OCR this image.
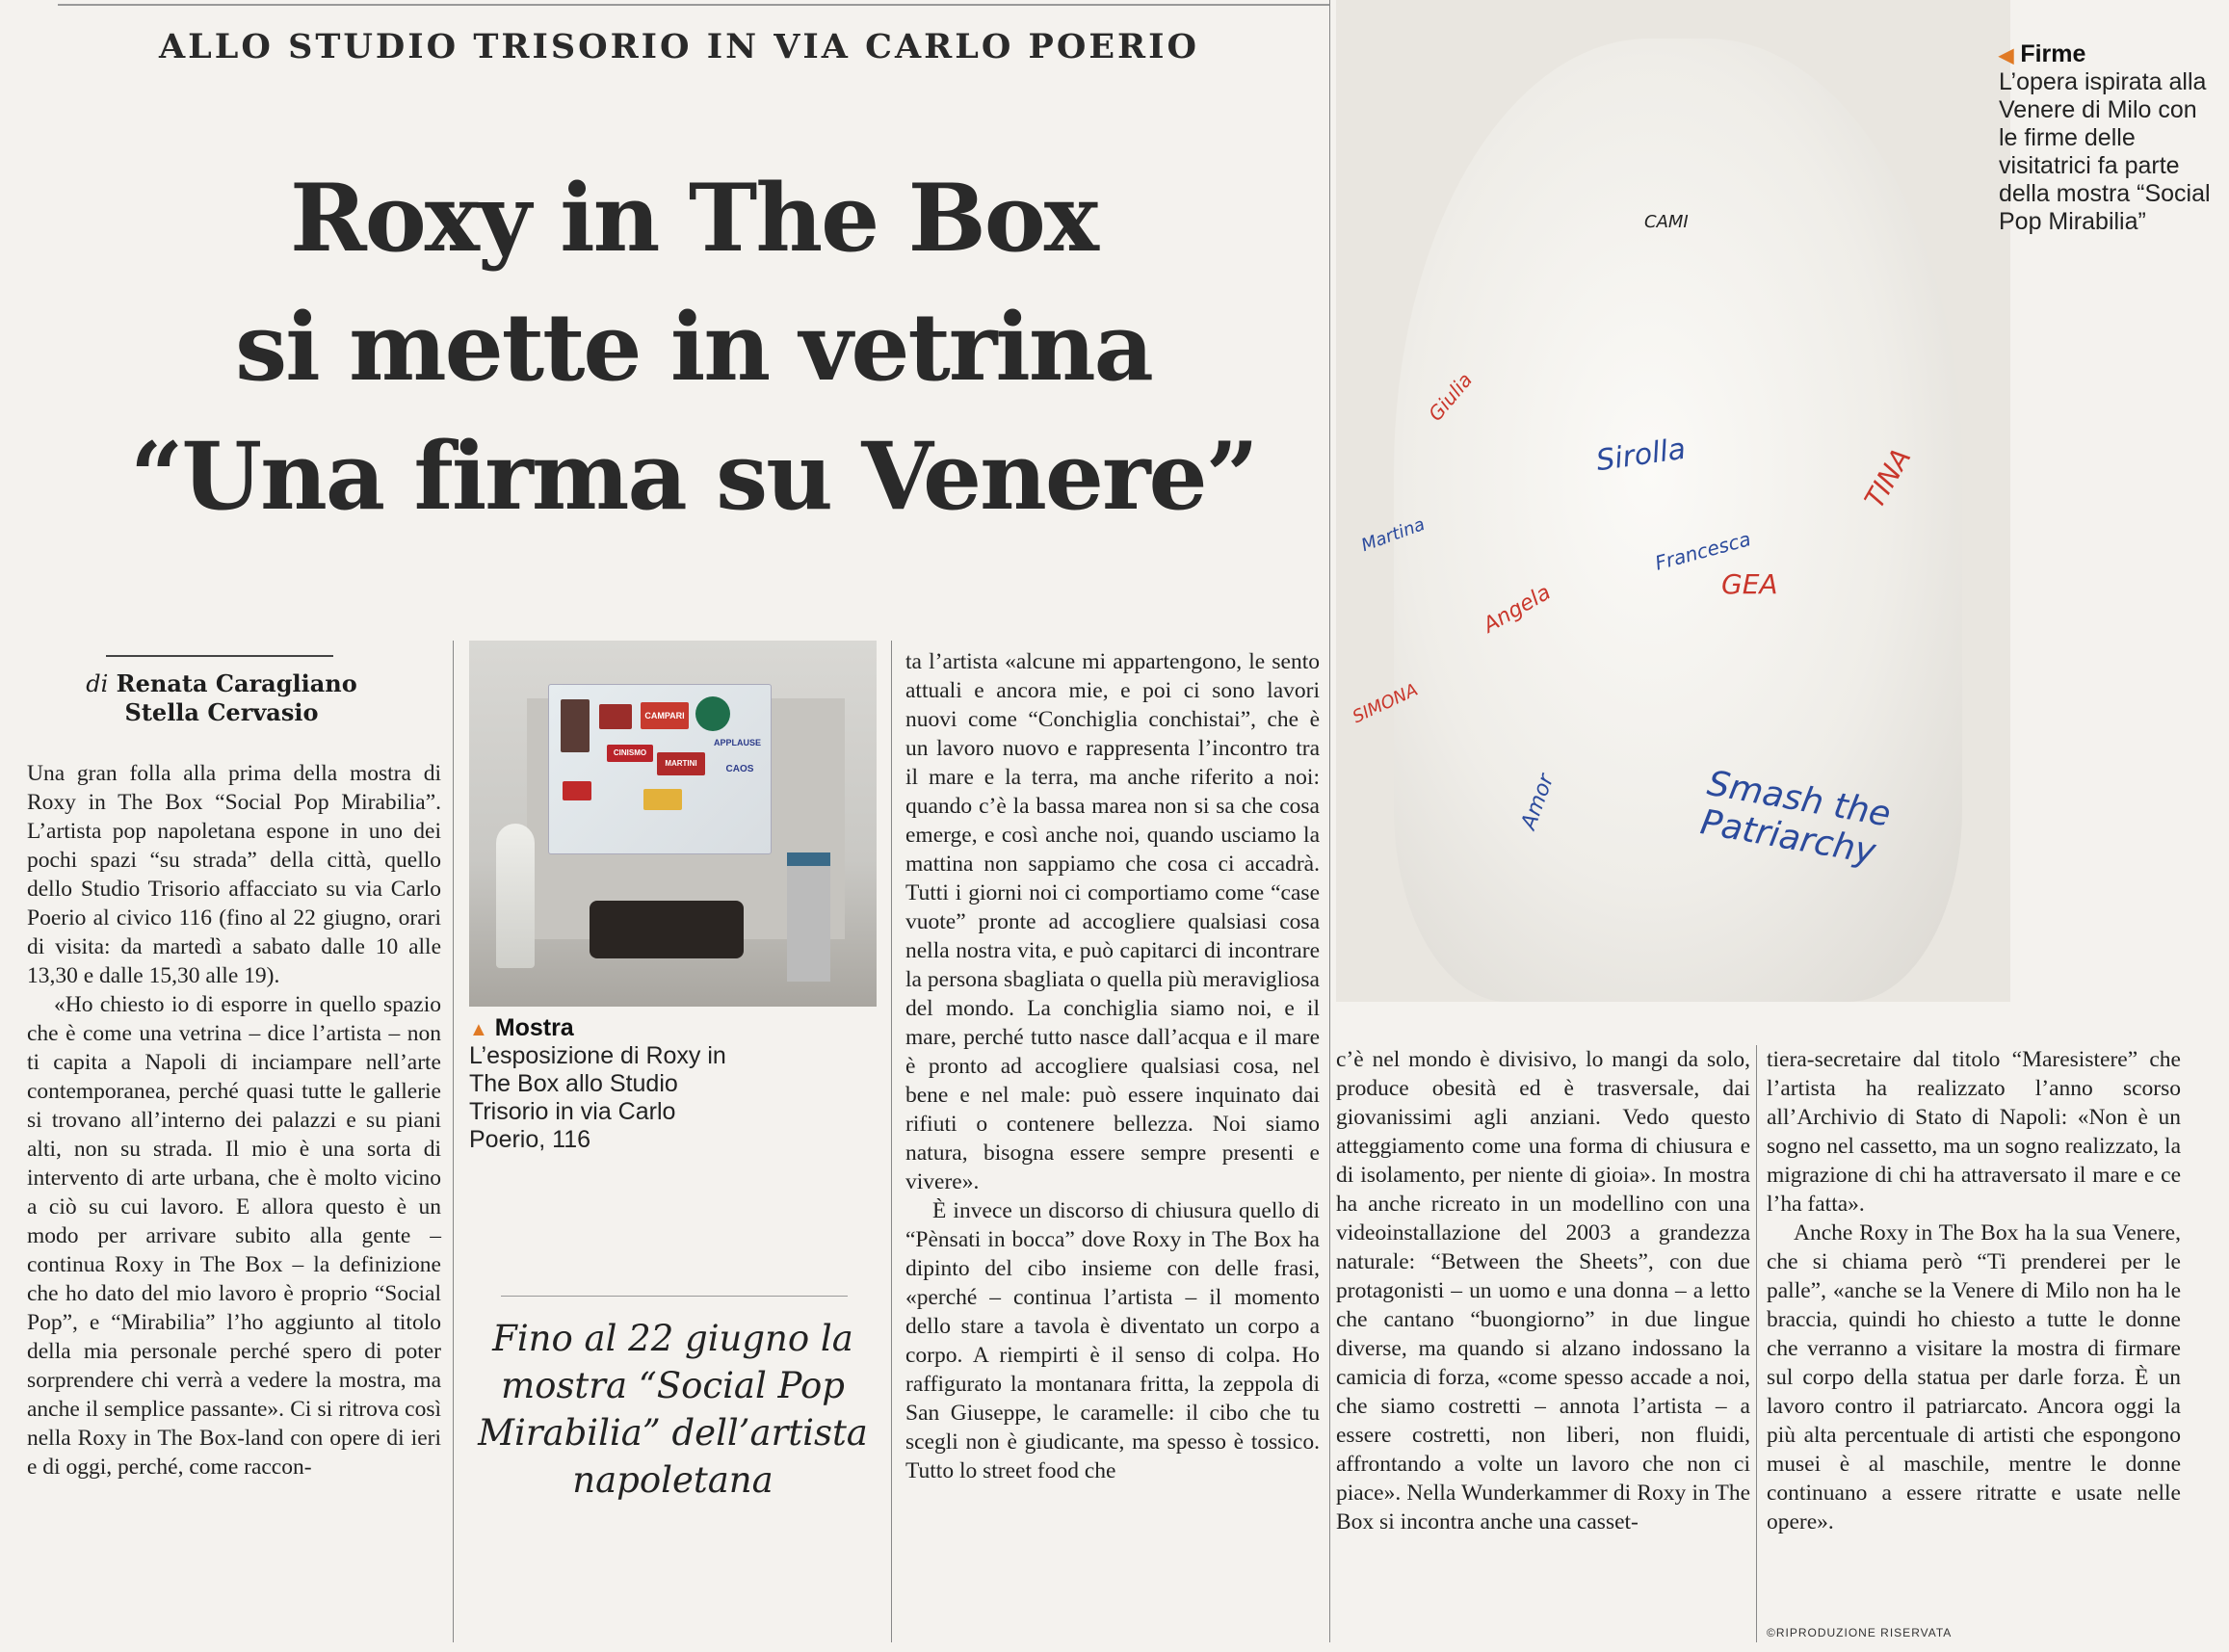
ALLO STUDIO TRISORIO IN VIA CARLO POERIO
Roxy in The Box
si mette in vetrina
“Una firma su Venere”
di Renata Caragliano
Stella Cervasio

Una gran folla alla prima della mostra di Roxy in The Box “Social Pop Mirabilia”. L’artista pop napoletana espone in uno dei pochi spazi “su strada” della città, quello dello Studio Trisorio affacciato su via Carlo Poerio al civico 116 (fino al 22 giugno, orari di visita: da martedì a sabato dalle 10 alle 13,30 e dalle 15,30 alle 19).

«Ho chiesto io di esporre in quello spazio che è come una vetrina – dice l’artista – non ti capita a Napoli di inciampare nell’arte contemporanea, perché quasi tutte le gallerie si trovano all’interno dei palazzi e su piani alti, non su strada. Il mio è una sorta di intervento di arte urbana, che è molto vicino a ciò su cui lavoro. E allora questo è un modo per arrivare subito alla gente – continua Roxy in The Box – la definizione che ho dato del mio lavoro è proprio “Social Pop”, e “Mirabilia” l’ho aggiunto al titolo della mia personale perché spero di poter sorprendere chi verrà a vedere la mostra, ma anche il semplice passante». Ci si ritrova così nella Roxy in The Box-land con opere di ieri e di oggi, perché, come raccon-

CAMPARI
CINISMO
MARTINI
APPLAUSE
CAOS
▲ Mostra
L’esposizione di Roxy in The Box allo Studio Trisorio in via Carlo Poerio, 116
Fino al 22 giugno la mostra “Social Pop Mirabilia” dell’artista napoletana

ta l’artista «alcune mi appartengono, le sento attuali e ancora mie, e poi ci sono lavori nuovi come “Conchiglia conchistai”, che è un lavoro nuovo e rappresenta l’incontro tra il mare e la terra, ma anche riferito a noi: quando c’è la bassa marea non si sa che cosa emerge, e così anche noi, quando usciamo la mattina non sappiamo che cosa ci accadrà. Tutti i giorni noi ci comportiamo come “case vuote” pronte ad accogliere qualsiasi cosa nella nostra vita, e può capitarci di incontrare la persona sbagliata o quella più meravigliosa del mondo. La conchiglia siamo noi, e il mare, perché tutto nasce dall’acqua e il mare è pronto ad accogliere qualsiasi cosa, nel bene e nel male: può essere inquinato dai rifiuti o contenere bellezza. Noi siamo natura, bisogna essere sempre presenti e vivere».

È invece un discorso di chiusura quello di “Pènsati in bocca” dove Roxy in The Box ha dipinto del cibo insieme con delle frasi, «perché – continua l’artista – il momento dello stare a tavola è diventato un corpo a corpo. A riempirti è il senso di colpa. Ho raffigurato la montanara fritta, la zeppola di San Giuseppe, le caramelle: il cibo che tu scegli non è giudicante, ma spesso è tossico. Tutto lo street food che

Smash the Patriarchy
GEA
CAMI
Sirolla
Martina
SIMONA
TINA
Francesca
Angela
Amor
Giulia
◀ Firme
L’opera ispirata alla Venere di Milo con le firme delle visitatrici fa parte della mostra “Social Pop Mirabilia”

c’è nel mondo è divisivo, lo mangi da solo, produce obesità ed è trasversale, dai giovanissimi agli anziani. Vedo questo atteggiamento come una forma di chiusura e di isolamento, per niente di gioia». In mostra ha anche ricreato in un modellino con una videoinstallazione del 2003 a grandezza naturale: “Between the Sheets”, con due protagonisti – un uomo e una donna – a letto che cantano “buongiorno” in due lingue diverse, ma quando si alzano indossano la camicia di forza, «come spesso accade a noi, che siamo costretti – annota l’artista – a essere costretti, non liberi, non fluidi, affrontando a volte un lavoro che non ci piace». Nella Wunderkammer di Roxy in The Box si incontra anche una casset-

tiera-secretaire dal titolo “Maresistere” che l’artista ha realizzato l’anno scorso all’Archivio di Stato di Napoli: «Non è un sogno nel cassetto, ma un sogno realizzato, la migrazione di chi ha attraversato il mare e ce l’ha fatta».

Anche Roxy in The Box ha la sua Venere, che si chiama però “Ti prenderei per le palle”, «anche se la Venere di Milo non ha le braccia, quindi ho chiesto a tutte le donne che verranno a visitare la mostra di firmare sul corpo della statua per darle forza. È un lavoro contro il patriarcato. Ancora oggi la più alta percentuale di artisti che espongono musei è al maschile, mentre le donne continuano a essere ritratte e usate nelle opere».

©RIPRODUZIONE RISERVATA
